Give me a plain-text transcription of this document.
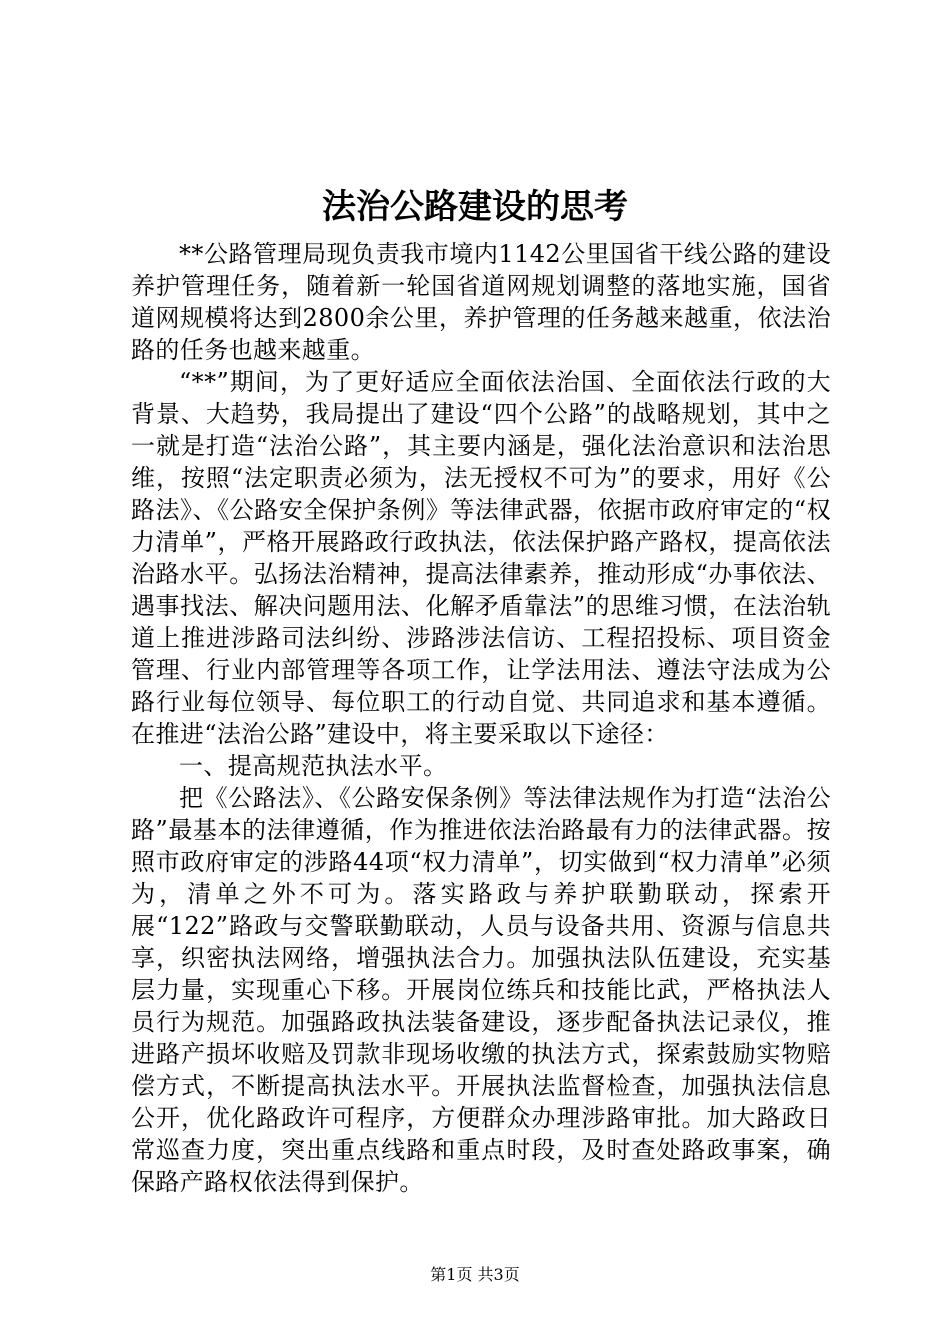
法治公路建设的思考

**公路管理局现负责我市境内1142公里国省干线公路的建设养护管理任务，随着新一轮国省道网规划调整的落地实施，国省道网规模将达到2800余公里，养护管理的任务越来越重，依法治路的任务也越来越重。

“**”期间，为了更好适应全面依法治国、全面依法行政的大背景、大趋势，我局提出了建设“四个公路”的战略规划，其中之一就是打造“法治公路”，其主要内涵是，强化法治意识和法治思维，按照“法定职责必须为，法无授权不可为”的要求，用好《公路法》、《公路安全保护条例》等法律武器，依据市政府审定的“权力清单”，严格开展路政行政执法，依法保护路产路权，提高依法治路水平。弘扬法治精神，提高法律素养，推动形成“办事依法、遇事找法、解决问题用法、化解矛盾靠法”的思维习惯，在法治轨道上推进涉路司法纠纷、涉路涉法信访、工程招投标、项目资金管理、行业内部管理等各项工作，让学法用法、遵法守法成为公路行业每位领导、每位职工的行动自觉、共同追求和基本遵循。在推进“法治公路”建设中，将主要采取以下途径：

一、提高规范执法水平。

把《公路法》、《公路安保条例》等法律法规作为打造“法治公路”最基本的法律遵循，作为推进依法治路最有力的法律武器。按照市政府审定的涉路44项“权力清单”，切实做到“权力清单”必须为，清单之外不可为。落实路政与养护联勤联动，探索开展“122”路政与交警联勤联动，人员与设备共用、资源与信息共享，织密执法网络，增强执法合力。加强执法队伍建设，充实基层力量，实现重心下移。开展岗位练兵和技能比武，严格执法人员行为规范。加强路政执法装备建设，逐步配备执法记录仪，推进路产损坏收赔及罚款非现场收缴的执法方式，探索鼓励实物赔偿方式，不断提高执法水平。开展执法监督检查，加强执法信息公开，优化路政许可程序，方便群众办理涉路审批。加大路政日常巡查力度，突出重点线路和重点时段，及时查处路政事案，确保路产路权依法得到保护。

第1页 共3页
